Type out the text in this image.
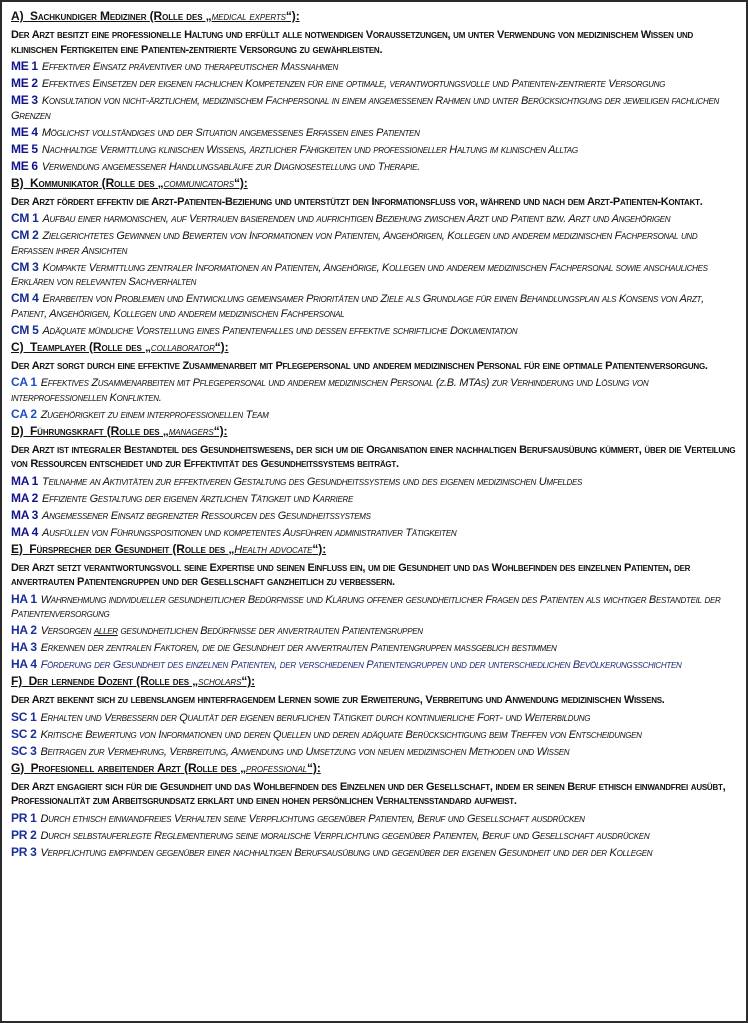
A) Sachkundiger Mediziner (Rolle des „medical experts“):
Der Arzt besitzt eine professionelle Haltung und erfüllt alle notwendigen Voraussetzungen, um unter Verwendung von medizinischem Wissen und klinischen Fertigkeiten eine Patienten-zentrierte Versorgung zu gewährleisten.
ME 1 Effektiver Einsatz präventiver und therapeutischer Maßnahmen
ME 2 Effektives Einsetzen der eigenen fachlichen Kompetenzen für eine optimale, verantwortungsvolle und Patienten-zentrierte Versorgung
ME 3 Konsultation von nicht-ärztlichem, medizinischem Fachpersonal in einem angemessenen Rahmen und unter Berücksichtigung der jeweiligen fachlichen Grenzen
ME 4 Möglichst vollständiges und der Situation angemessenes Erfassen eines Patienten
ME 5 Nachhaltige Vermittlung klinischen Wissens, ärztlicher Fähigkeiten und professioneller Haltung im klinischen Alltag
ME 6 Verwendung angemessener Handlungsabläufe zur Diagnosestellung und Therapie.
B) Kommunikator (Rolle des „communicators“):
Der Arzt fördert effektiv die Arzt-Patienten-Beziehung und unterstützt den Informationsfluss vor, während und nach dem Arzt-Patienten-Kontakt.
CM 1 Aufbau einer harmonischen, auf Vertrauen basierenden und aufrichtigen Beziehung zwischen Arzt und Patient bzw. Arzt und Angehörigen
CM 2 Zielgerichtetes Gewinnen und Bewerten von Informationen von Patienten, Angehörigen, Kollegen und anderem medizinischen Fachpersonal und Erfassen ihrer Ansichten
CM 3 Kompakte Vermittlung zentraler Informationen an Patienten, Angehörige, Kollegen und anderem medizinischen Fachpersonal sowie anschauliches Erklären von relevanten Sachverhalten
CM 4 Erarbeiten von Problemen und Entwicklung gemeinsamer Prioritäten und Ziele als Grundlage für einen Behandlungsplan als Konsens von Arzt, Patient, Angehörigen, Kollegen und anderem medizinischen Fachpersonal
CM 5 Adäquate mündliche Vorstellung eines Patientenfalles und dessen effektive schriftliche Dokumentation
C) Teamplayer (Rolle des „collaborator“):
Der Arzt sorgt durch eine effektive Zusammenarbeit mit Pflegepersonal und anderem medizinischen Personal für eine optimale Patientenversorgung.
CA 1 Effektives Zusammenarbeiten mit Pflegepersonal und anderem medizinischen Personal (z.B. MTAs) zur Verhinderung und Lösung von interprofessionellen Konflikten.
CA 2 Zugehörigkeit zu einem interprofessionellen Team
D) Führungskraft (Rolle des „managers“):
Der Arzt ist integraler Bestandteil des Gesundheitswesens, der sich um die Organisation einer nachhaltigen Berufsausübung kümmert, über die Verteilung von Ressourcen entscheidet und zur Effektivität des Gesundheitssystems beiträgt.
MA 1 Teilnahme an Aktivitäten zur effektiveren Gestaltung des Gesundheitssystems und des eigenen medizinischen Umfeldes
MA 2 Effiziente Gestaltung der eigenen ärztlichen Tätigkeit und Karriere
MA 3 Angemessener Einsatz begrenzter Ressourcen des Gesundheitssystems
MA 4 Ausfüllen von Führungspositionen und kompetentes Ausführen administrativer Tätigkeiten
E) Fürsprecher der Gesundheit (Rolle des „Health advocate“):
Der Arzt setzt verantwortungsvoll seine Expertise und seinen Einfluss ein, um die Gesundheit und das Wohlbefinden des einzelnen Patienten, der anvertrauten Patientengruppen und der Gesellschaft ganzheitlich zu verbessern.
HA 1 Wahrnehmung individueller gesundheitlicher Bedürfnisse und Klärung offener gesundheitlicher Fragen des Patienten als wichtiger Bestandteil der Patientenversorgung
HA 2 Versorgen aller gesundheitlichen Bedürfnisse der anvertrauten Patientengruppen
HA 3 Erkennen der zentralen Faktoren, die die Gesundheit der anvertrauten Patientengruppen maßgeblich bestimmen
HA 4 Förderung der Gesundheit des einzelnen Patienten, der verschiedenen Patientengruppen und der unterschiedlichen Bevölkerungsschichten
F) Der lernende Dozent (Rolle des „scholars“):
Der Arzt bekennt sich zu lebenslangem hinterfragendem Lernen sowie zur Erweiterung, Verbreitung und Anwendung medizinischen Wissens.
SC 1 Erhalten und Verbessern der Qualität der eigenen beruflichen Tätigkeit durch kontinuierliche Fort- und Weiterbildung
SC 2 Kritische Bewertung von Informationen und deren Quellen und deren adäquate Berücksichtigung beim Treffen von Entscheidungen
SC 3 Beitragen zur Vermehrung, Verbreitung, Anwendung und Umsetzung von neuen medizinischen Methoden und Wissen
G) Profesionell arbeitender Arzt (Rolle des „professional“):
Der Arzt engagiert sich für die Gesundheit und das Wohlbefinden des Einzelnen und der Gesellschaft, indem er seinen Beruf ethisch einwandfrei ausübt, Professionalität zum Arbeitsgrundsatz erklärt und einen hohen persönlichen Verhaltensstandard aufweist.
PR 1 Durch ethisch einwandfreies Verhalten seine Verpflichtung gegenüber Patienten, Beruf und Gesellschaft ausdrücken
PR 2 Durch selbstauferlegte Reglementierung seine moralische Verpflichtung gegenüber Patienten, Beruf und Gesellschaft ausdrücken
PR 3 Verpflichtung empfinden gegenüber einer nachhaltigen Berufsausübung und gegenüber der eigenen Gesundheit und der der Kollegen
